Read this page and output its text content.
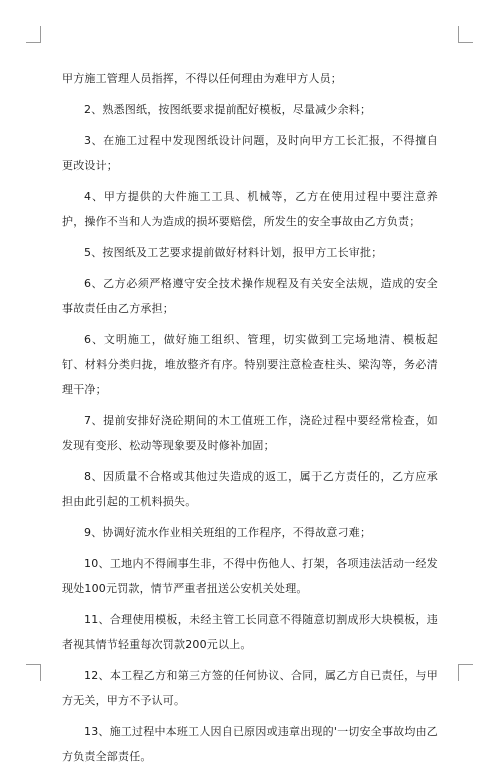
甲方施工管理人员指挥，不得以任何理由为难甲方人员；

2、熟悉图纸，按图纸要求提前配好模板，尽量减少余料；

3、在施工过程中发现图纸设计问题，及时向甲方工长汇报，不得擅自更改设计；

4、甲方提供的大件施工工具、机械等，乙方在使用过程中要注意养护，操作不当和人为造成的损坏要赔偿，所发生的安全事故由乙方负责；

5、按图纸及工艺要求提前做好材料计划，报甲方工长审批；

6、乙方必须严格遵守安全技术操作规程及有关安全法规，造成的安全事故责任由乙方承担；

6、文明施工，做好施工组织、管理，切实做到工完场地清、模板起钉、材料分类归拢，堆放整齐有序。特别要注意检查柱头、梁沟等，务必清理干净；

7、提前安排好浇砼期间的木工值班工作，浇砼过程中要经常检查，如发现有变形、松动等现象要及时修补加固；

8、因质量不合格或其他过失造成的返工，属于乙方责任的，乙方应承担由此引起的工机料损失。

9、协调好流水作业相关班组的工作程序，不得故意刁难；

10、工地内不得闹事生非，不得中伤他人、打架，各项违法活动一经发现处100元罚款，情节严重者扭送公安机关处理。

11、合理使用模板，未经主管工长同意不得随意切割成形大块模板，违者视其情节轻重每次罚款200元以上。

12、本工程乙方和第三方签的任何协议、合同，属乙方自已责任，与甲方无关，甲方不予认可。

13、施工过程中本班工人因自已原因或违章出现的'一切安全事故均由乙方负责全部责任。
